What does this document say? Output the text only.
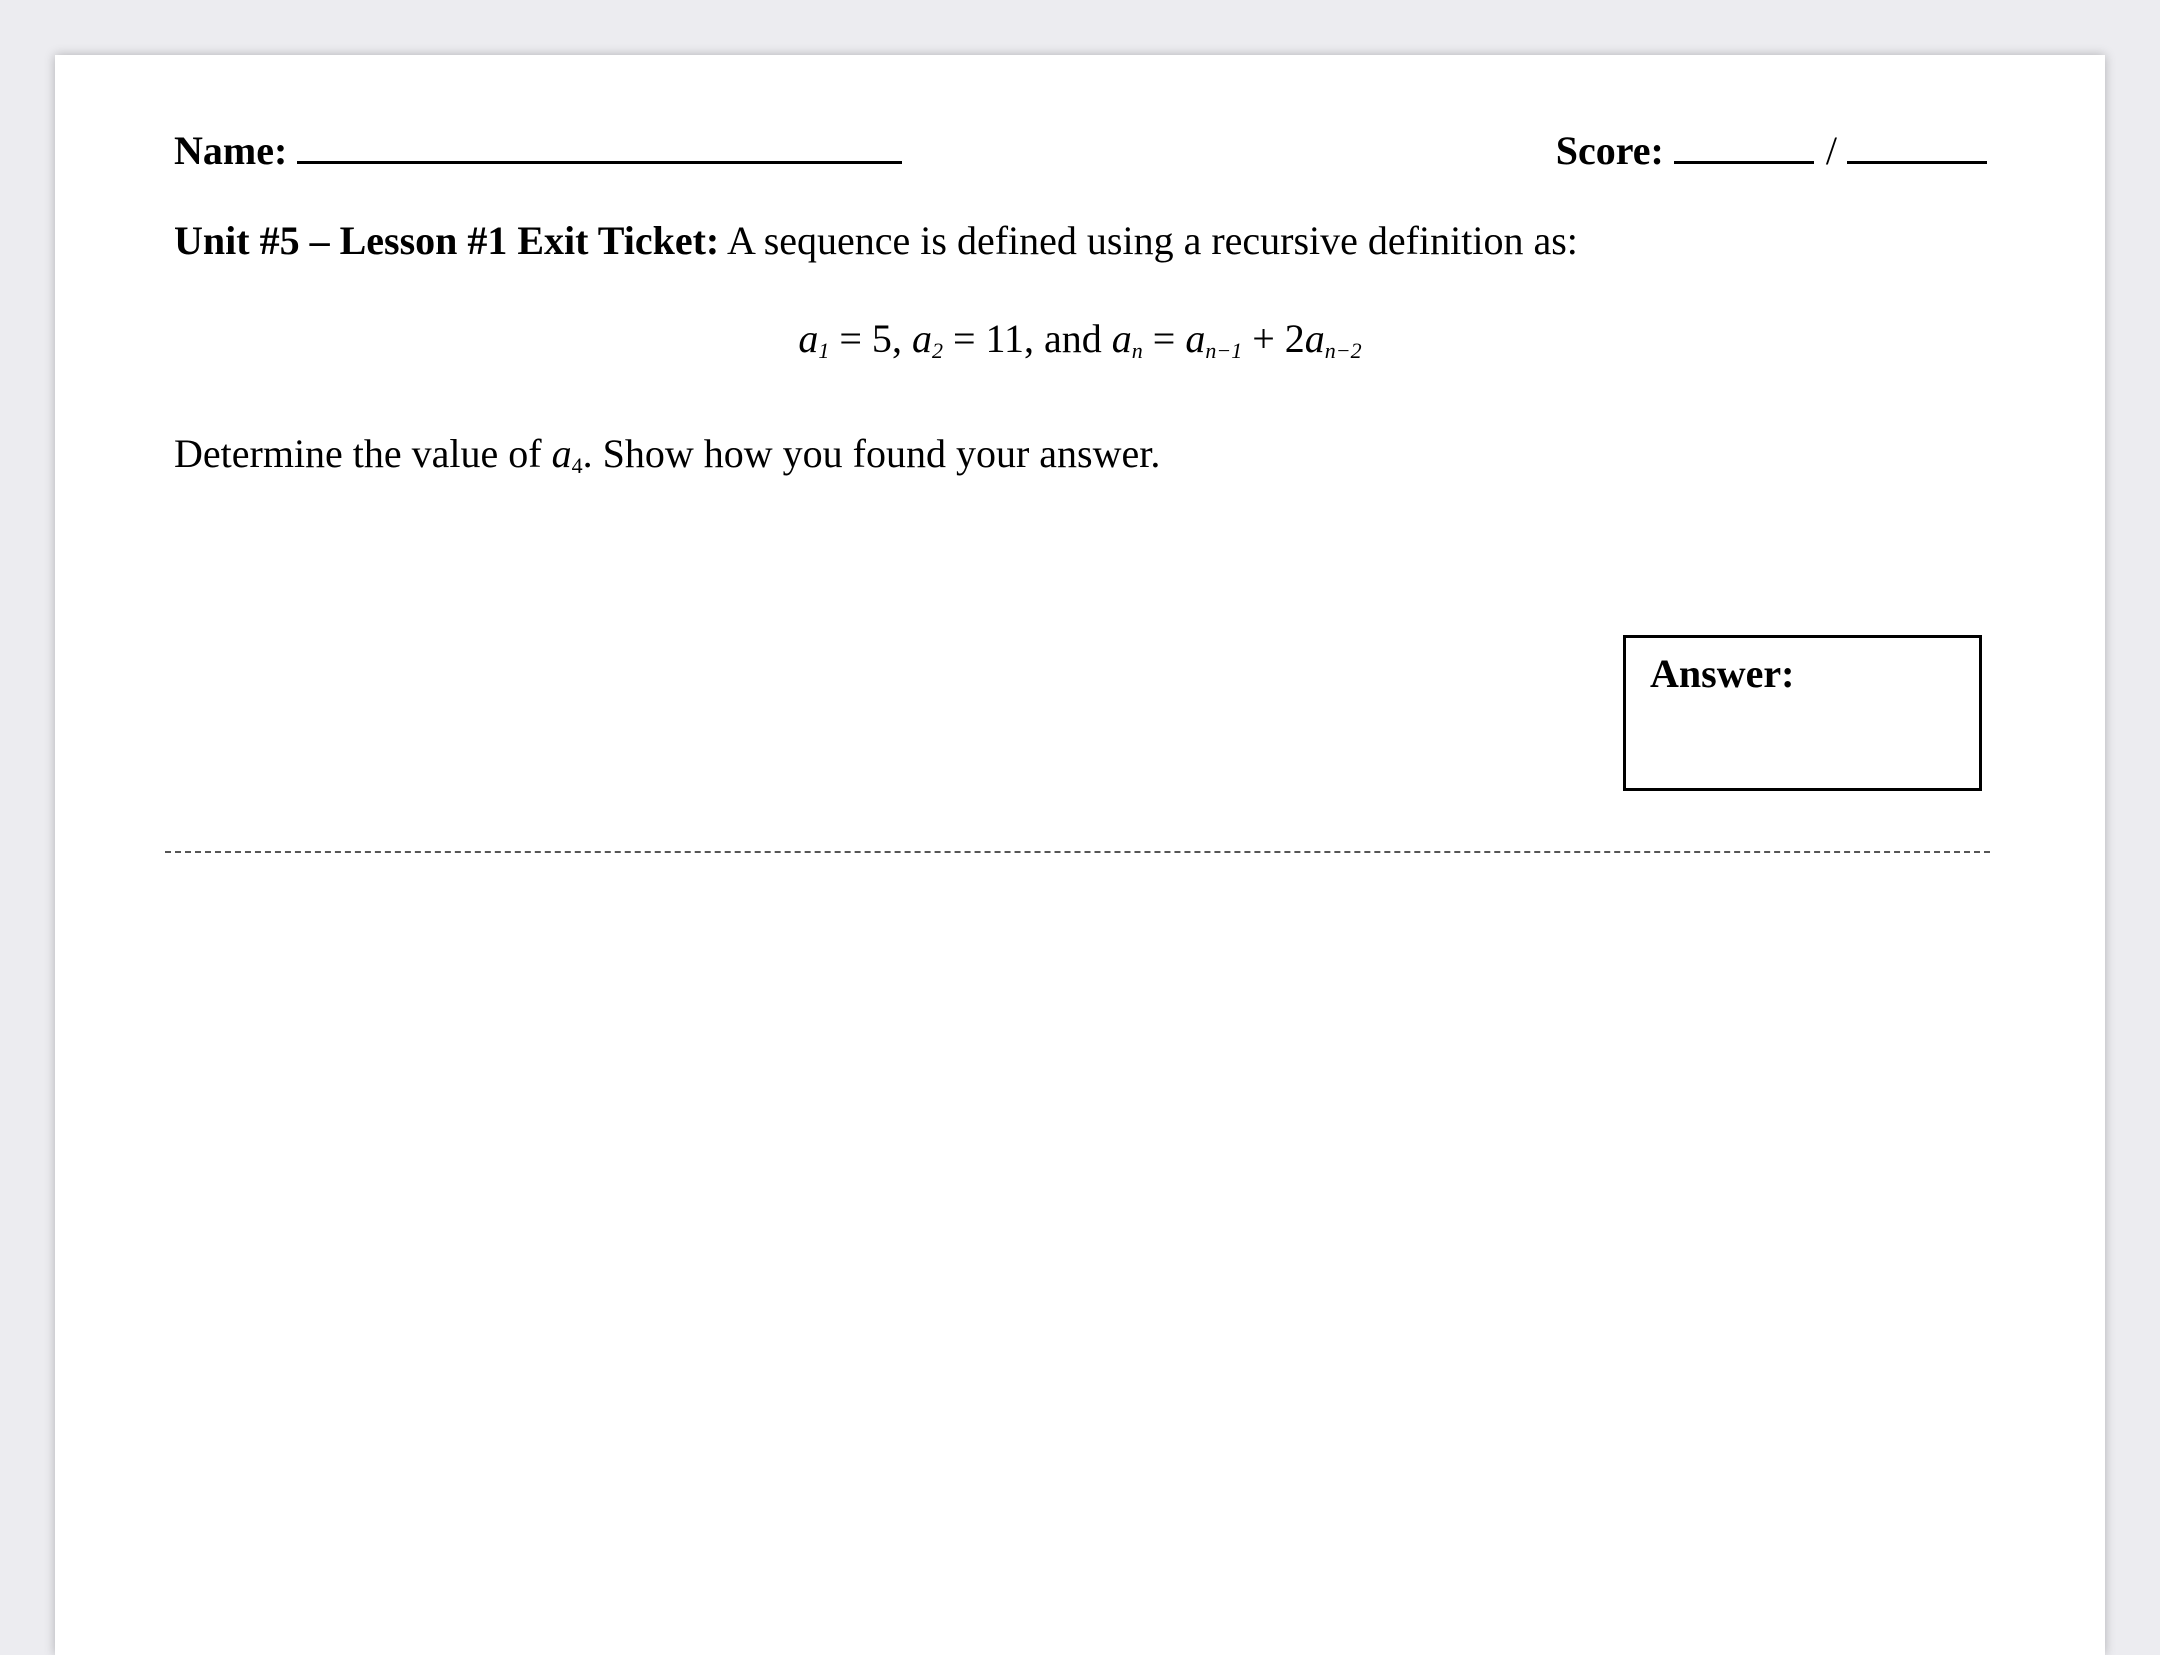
Name:	Score:	/
Unit #5 – Lesson #1 Exit Ticket: A sequence is defined using a recursive definition as:
$a_1 = 5$, $a_2 = 11$, and $a_n = a_{n-1} + 2a_{n-2}$
Determine the value of $a_4$. Show how you found your answer.
Answer:
